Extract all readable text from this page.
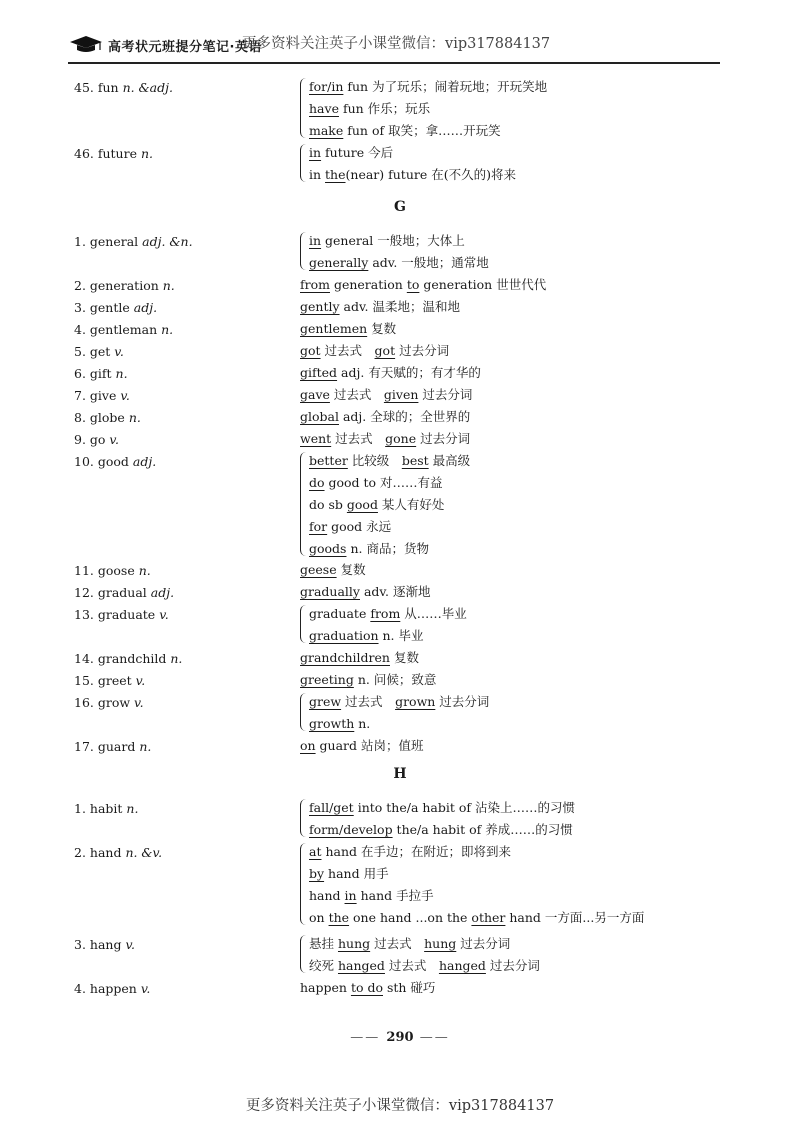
高考状元班提分笔记·英语
更多资料关注英子小课堂微信：vip317884137
45. fun n. &adj.	for/in fun 为了玩乐；闹着玩地；开玩笑地
have fun 作乐；玩乐
make fun of 取笑；拿……开玩笑
46. future n.	in future 今后
in the(near) future 在(不久的)将来
G
1. general adj. &n.	in general 一般地；大体上
generally adv. 一般地；通常地
2. generation n.	from generation to generation 世世代代
3. gentle adj.	gently adv. 温柔地；温和地
4. gentleman n.	gentlemen 复数
5. get v.	got 过去式　got 过去分词
6. gift n.	gifted adj. 有天赋的；有才华的
7. give v.	gave 过去式　given 过去分词
8. globe n.	global adj. 全球的；全世界的
9. go v.	went 过去式　gone 过去分词
10. good adj.	better 比较级　best 最高级
do good to 对……有益
do sb good 某人有好处
for good 永远
goods n. 商品；货物
11. goose n.	geese 复数
12. gradual adj.	gradually adv. 逐渐地
13. graduate v.	graduate from 从……毕业
graduation n. 毕业
14. grandchild n.	grandchildren 复数
15. greet v.	greeting n. 问候；致意
16. grow v.	grew 过去式　grown 过去分词
growth n.
17. guard n.	on guard 站岗；值班
H
1. habit n.	fall/get into the/a habit of 沾染上……的习惯
form/develop the/a habit of 养成……的习惯
2. hand n. &v.	at hand 在手边；在附近；即将到来
by hand 用手
hand in hand 手拉手
on the one hand ...on the other hand 一方面...另一方面
3. hang v.	悬挂 hung 过去式　hung 过去分词
绞死 hanged 过去式　hanged 过去分词
4. happen v.	happen to do sth 碰巧
—— 290 ——
更多资料关注英子小课堂微信：vip317884137
